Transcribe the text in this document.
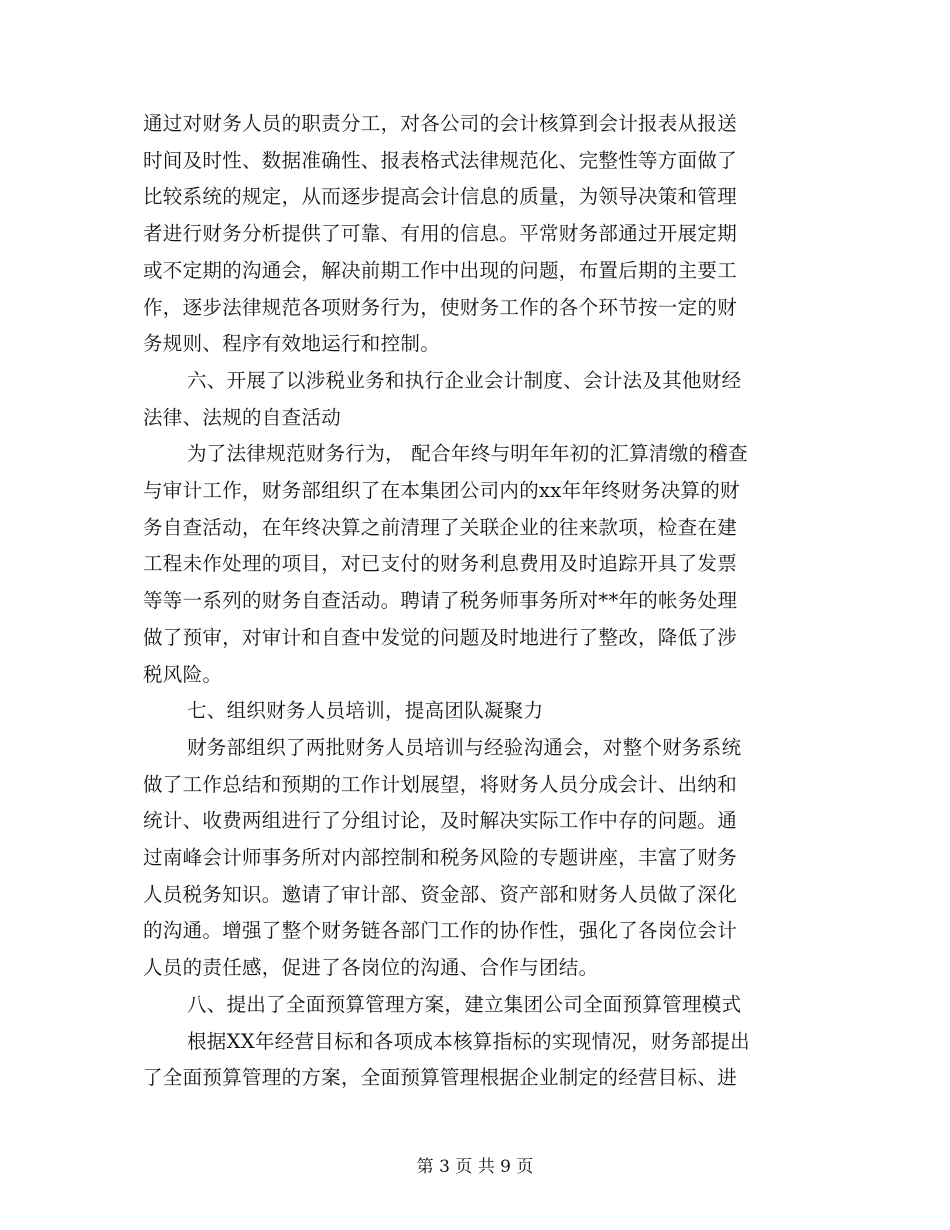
通过对财务人员的职责分工，对各公司的会计核算到会计报表从报送
时间及时性、数据准确性、报表格式法律规范化、完整性等方面做了
比较系统的规定，从而逐步提高会计信息的质量，为领导决策和管理
者进行财务分析提供了可靠、有用的信息。平常财务部通过开展定期
或不定期的沟通会，解决前期工作中出现的问题，布置后期的主要工
作，逐步法律规范各项财务行为，使财务工作的各个环节按一定的财
务规则、程序有效地运行和控制。
六、开展了以涉税业务和执行企业会计制度、会计法及其他财经
法律、法规的自查活动
为了法律规范财务行为， 配合年终与明年年初的汇算清缴的稽查
与审计工作，财务部组织了在本集团公司内的xx年年终财务决算的财
务自查活动，在年终决算之前清理了关联企业的往来款项，检查在建
工程未作处理的项目，对已支付的财务利息费用及时追踪开具了发票
等等一系列的财务自查活动。聘请了税务师事务所对**年的帐务处理
做了预审，对审计和自查中发觉的问题及时地进行了整改，降低了涉
税风险。
七、组织财务人员培训，提高团队凝聚力
财务部组织了两批财务人员培训与经验沟通会，对整个财务系统
做了工作总结和预期的工作计划展望，将财务人员分成会计、出纳和
统计、收费两组进行了分组讨论，及时解决实际工作中存的问题。通
过南峰会计师事务所对内部控制和税务风险的专题讲座，丰富了财务
人员税务知识。邀请了审计部、资金部、资产部和财务人员做了深化
的沟通。增强了整个财务链各部门工作的协作性，强化了各岗位会计
人员的责任感，促进了各岗位的沟通、合作与团结。
八、提出了全面预算管理方案，建立集团公司全面预算管理模式
根据XX年经营目标和各项成本核算指标的实现情况，财务部提出
了全面预算管理的方案，全面预算管理根据企业制定的经营目标、进
第 3 页 共 9 页
